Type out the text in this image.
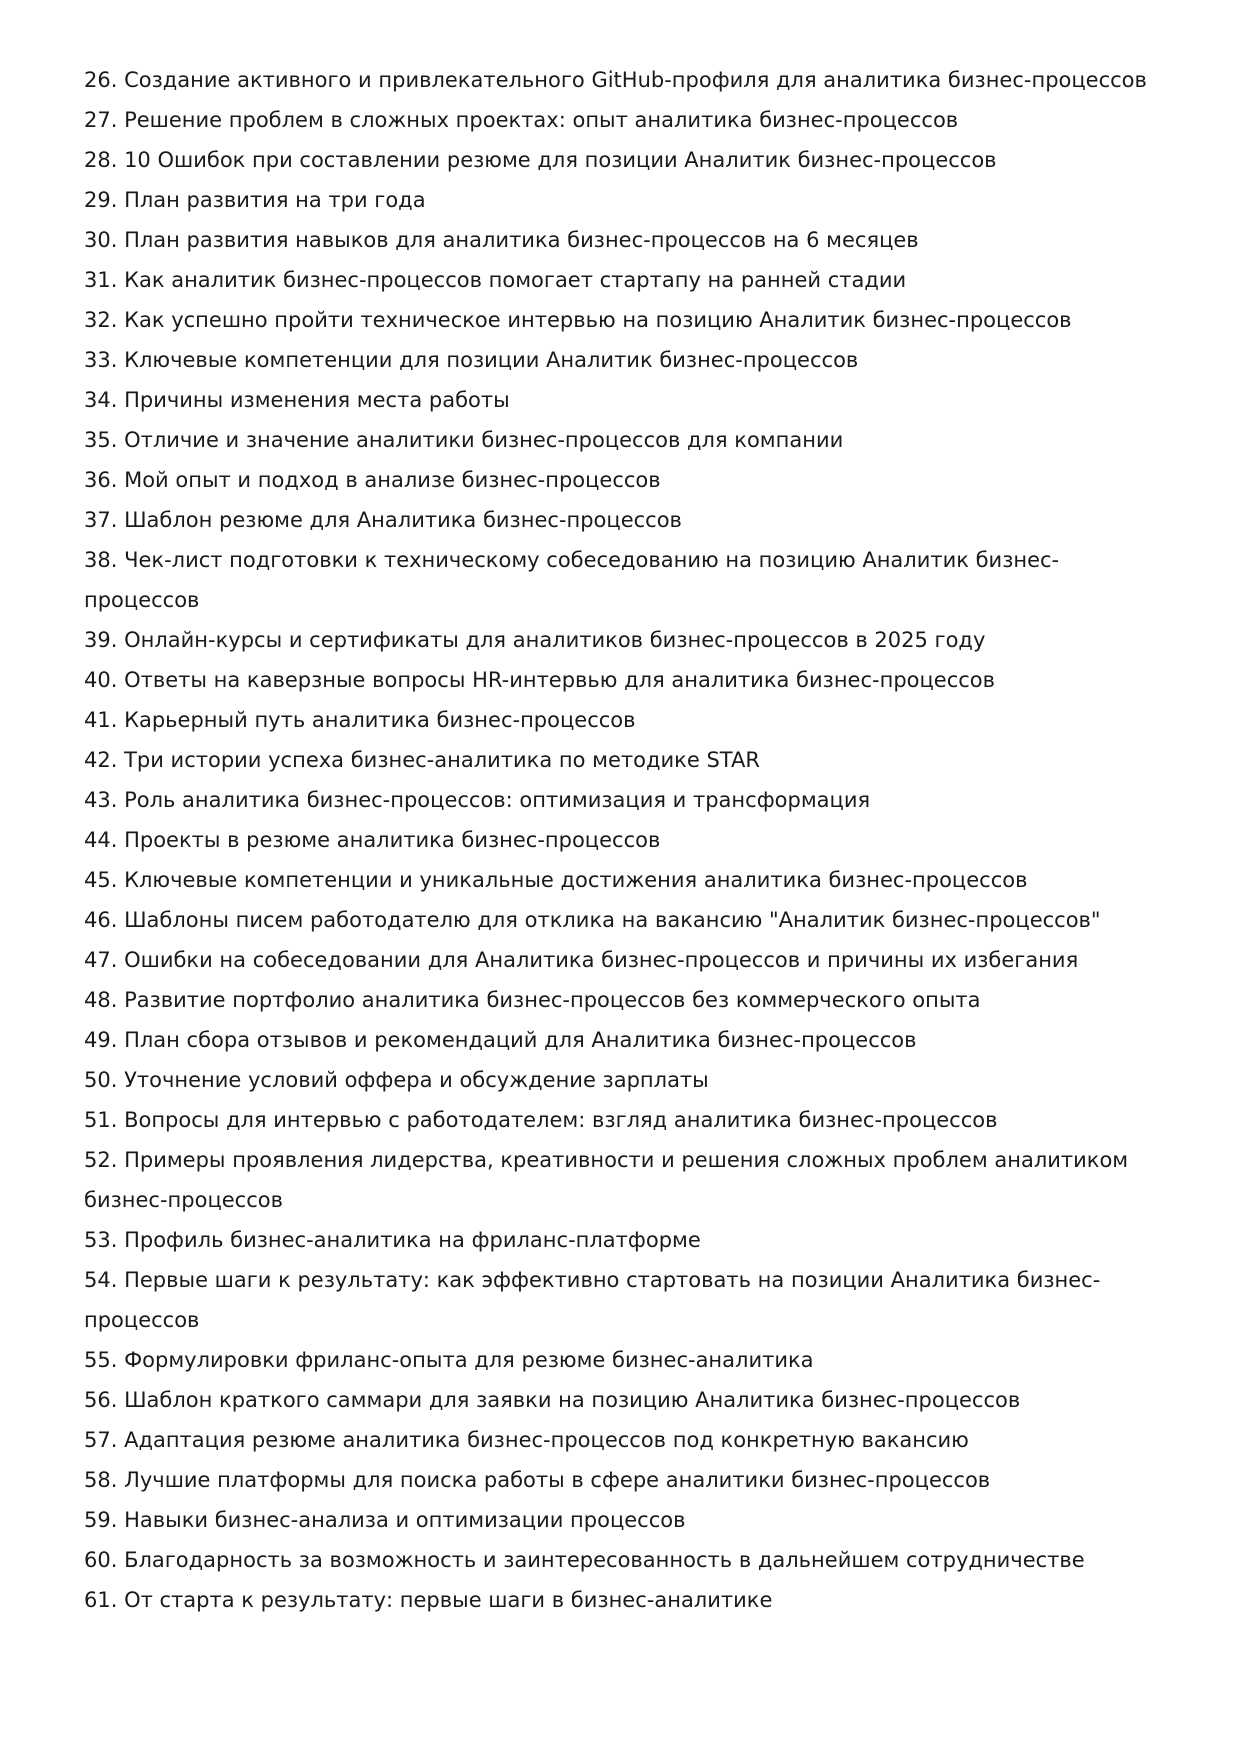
26. Создание активного и привлекательного GitHub-профиля для аналитика бизнес-процессов
27. Решение проблем в сложных проектах: опыт аналитика бизнес-процессов
28. 10 Ошибок при составлении резюме для позиции Аналитик бизнес-процессов
29. План развития на три года
30. План развития навыков для аналитика бизнес-процессов на 6 месяцев
31. Как аналитик бизнес-процессов помогает стартапу на ранней стадии
32. Как успешно пройти техническое интервью на позицию Аналитик бизнес-процессов
33. Ключевые компетенции для позиции Аналитик бизнес-процессов
34. Причины изменения места работы
35. Отличие и значение аналитики бизнес-процессов для компании
36. Мой опыт и подход в анализе бизнес-процессов
37. Шаблон резюме для Аналитика бизнес-процессов
38. Чек-лист подготовки к техническому собеседованию на позицию Аналитик бизнес-процессов
39. Онлайн-курсы и сертификаты для аналитиков бизнес-процессов в 2025 году
40. Ответы на каверзные вопросы HR-интервью для аналитика бизнес-процессов
41. Карьерный путь аналитика бизнес-процессов
42. Три истории успеха бизнес-аналитика по методике STAR
43. Роль аналитика бизнес-процессов: оптимизация и трансформация
44. Проекты в резюме аналитика бизнес-процессов
45. Ключевые компетенции и уникальные достижения аналитика бизнес-процессов
46. Шаблоны писем работодателю для отклика на вакансию "Аналитик бизнес-процессов"
47. Ошибки на собеседовании для Аналитика бизнес-процессов и причины их избегания
48. Развитие портфолио аналитика бизнес-процессов без коммерческого опыта
49. План сбора отзывов и рекомендаций для Аналитика бизнес-процессов
50. Уточнение условий оффера и обсуждение зарплаты
51. Вопросы для интервью с работодателем: взгляд аналитика бизнес-процессов
52. Примеры проявления лидерства, креативности и решения сложных проблем аналитиком бизнес-процессов
53. Профиль бизнес-аналитика на фриланс-платформе
54. Первые шаги к результату: как эффективно стартовать на позиции Аналитика бизнес-процессов
55. Формулировки фриланс-опыта для резюме бизнес-аналитика
56. Шаблон краткого саммари для заявки на позицию Аналитика бизнес-процессов
57. Адаптация резюме аналитика бизнес-процессов под конкретную вакансию
58. Лучшие платформы для поиска работы в сфере аналитики бизнес-процессов
59. Навыки бизнес-анализа и оптимизации процессов
60. Благодарность за возможность и заинтересованность в дальнейшем сотрудничестве
61. От старта к результату: первые шаги в бизнес-аналитике
